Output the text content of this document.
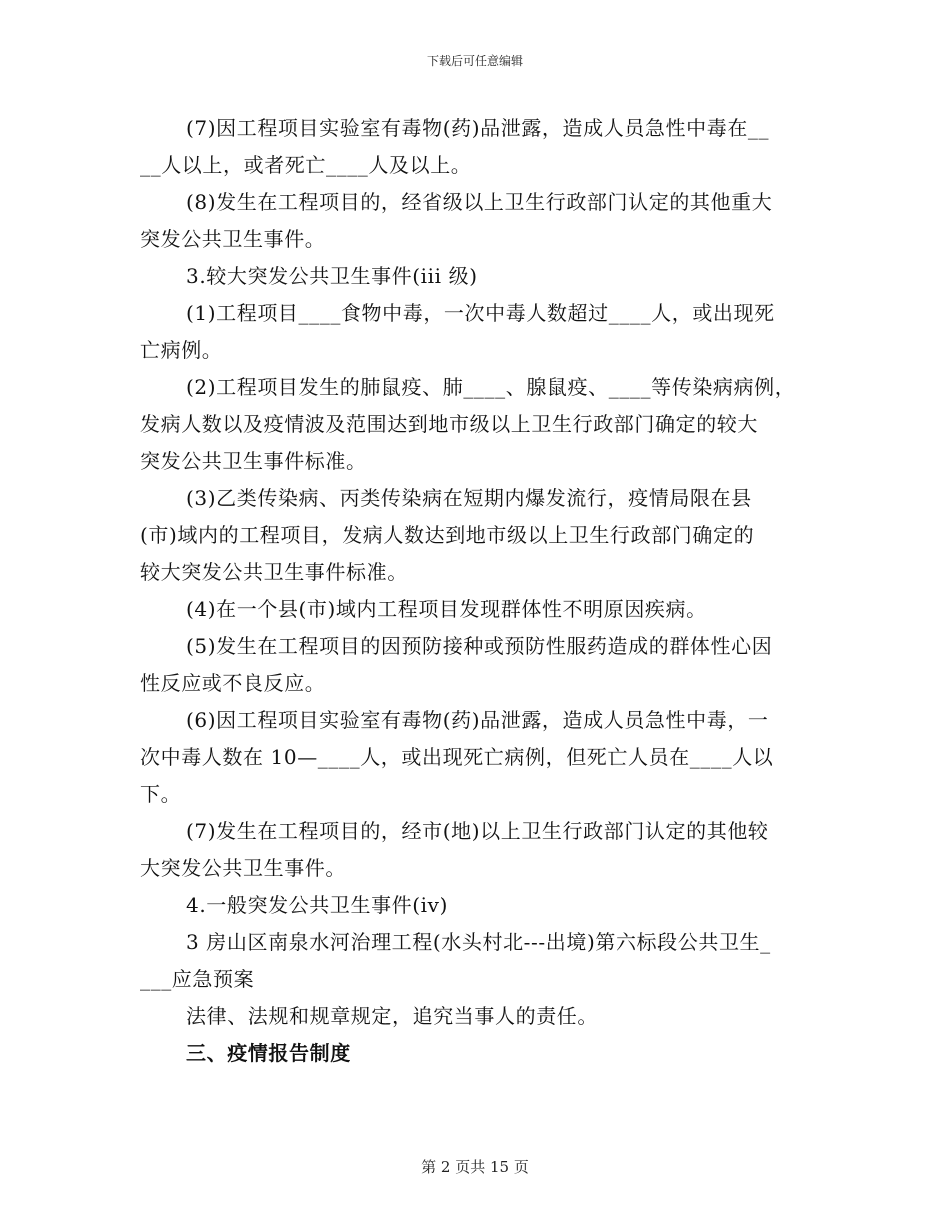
下载后可任意编辑
(7)因工程项目实验室有毒物(药)品泄露，造成人员急性中毒在__
__人以上，或者死亡____人及以上。
(8)发生在工程项目的，经省级以上卫生行政部门认定的其他重大
突发公共卫生事件。
3.较大突发公共卫生事件(iii 级)
(1)工程项目____食物中毒，一次中毒人数超过____人，或出现死
亡病例。
(2)工程项目发生的肺鼠疫、肺____、腺鼠疫、____等传染病病例，
发病人数以及疫情波及范围达到地市级以上卫生行政部门确定的较大
突发公共卫生事件标准。
(3)乙类传染病、丙类传染病在短期内爆发流行，疫情局限在县
(市)域内的工程项目，发病人数达到地市级以上卫生行政部门确定的
较大突发公共卫生事件标准。
(4)在一个县(市)域内工程项目发现群体性不明原因疾病。
(5)发生在工程项目的因预防接种或预防性服药造成的群体性心因
性反应或不良反应。
(6)因工程项目实验室有毒物(药)品泄露，造成人员急性中毒，一
次中毒人数在 10—____人，或出现死亡病例，但死亡人员在____人以
下。
(7)发生在工程项目的，经市(地)以上卫生行政部门认定的其他较
大突发公共卫生事件。
4.一般突发公共卫生事件(iv)
3 房山区南泉水河治理工程(水头村北---出境)第六标段公共卫生_
___应急预案
法律、法规和规章规定，追究当事人的责任。
三、疫情报告制度
第 2 页共 15 页
